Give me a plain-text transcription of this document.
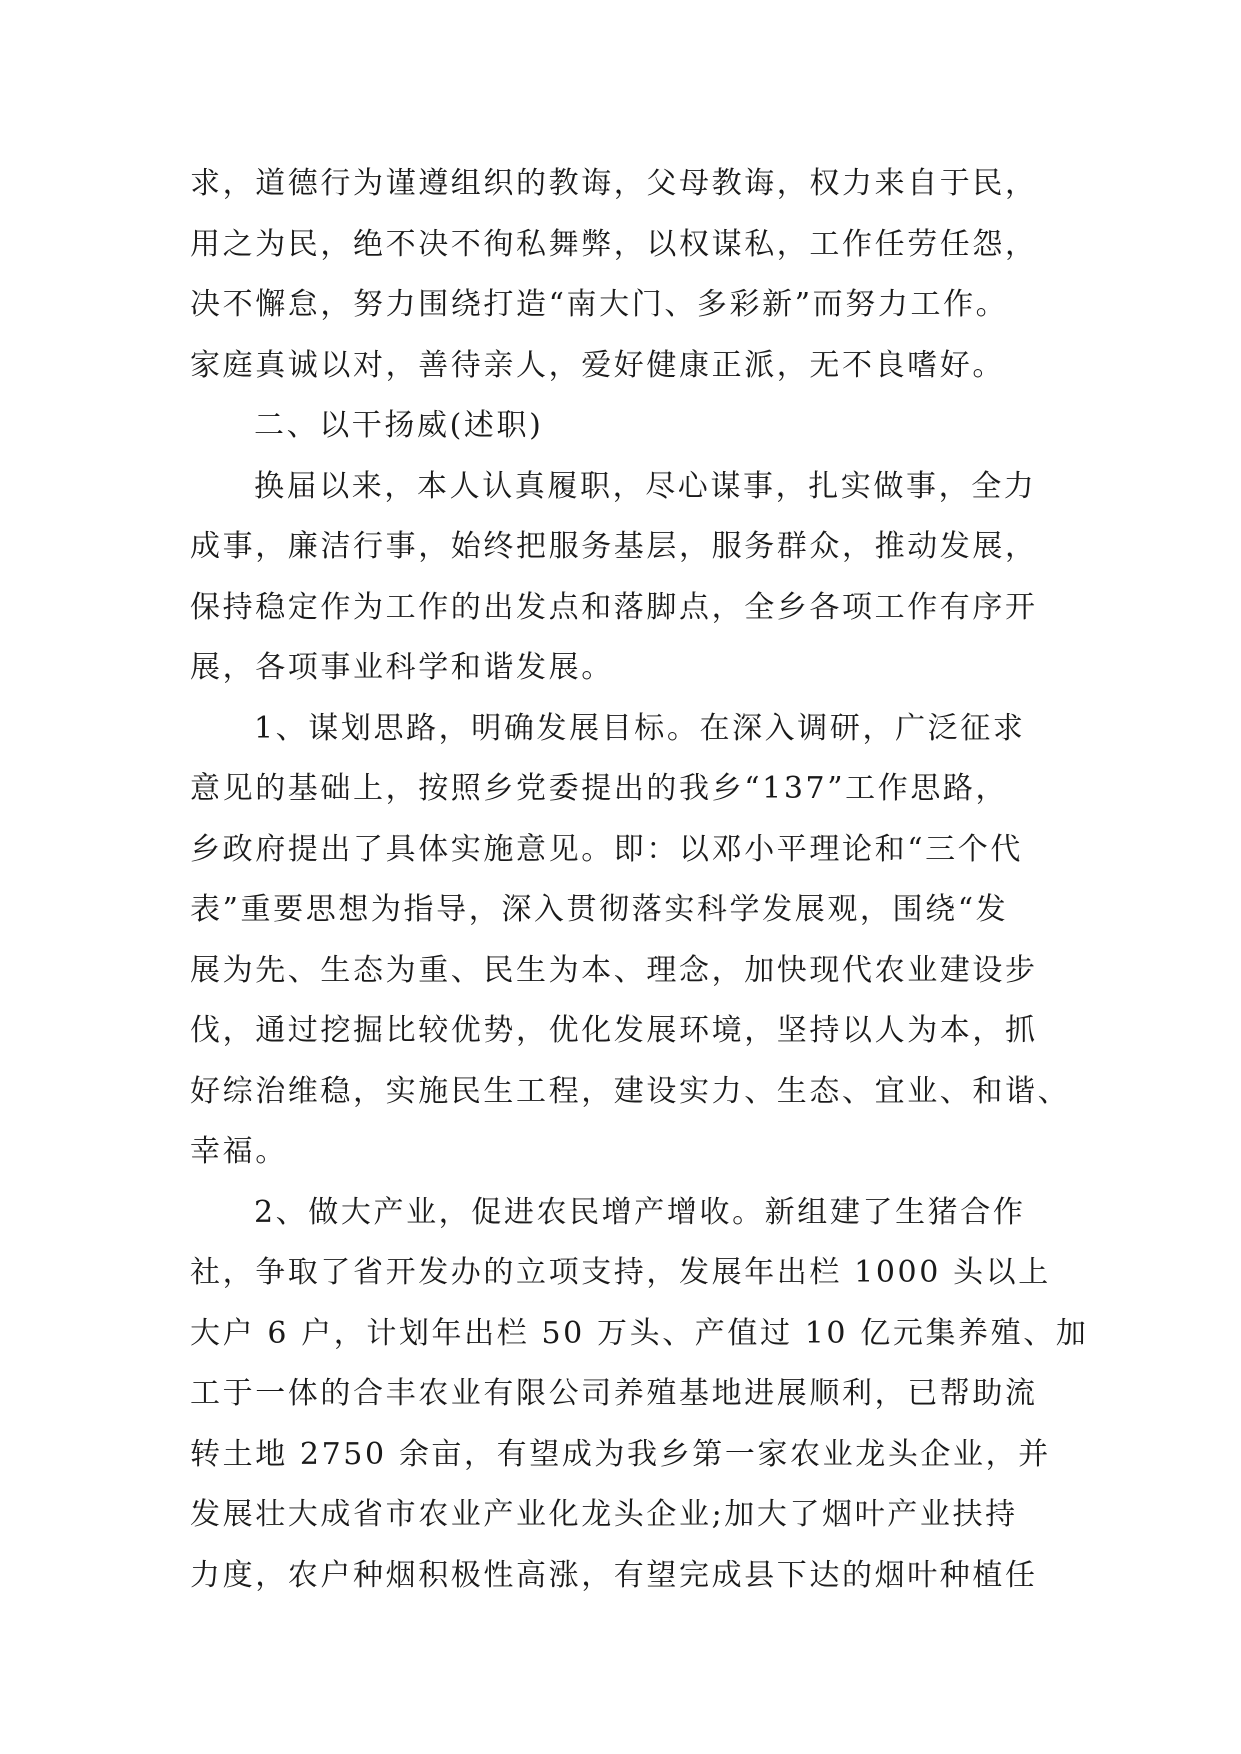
求，道德行为谨遵组织的教诲，父母教诲，权力来自于民，
用之为民，绝不决不徇私舞弊，以权谋私，工作任劳任怨，
决不懈怠，努力围绕打造“南大门、多彩新”而努力工作。
家庭真诚以对，善待亲人，爱好健康正派，无不良嗜好。

二、以干扬威(述职)

换届以来，本人认真履职，尽心谋事，扎实做事，全力
成事，廉洁行事，始终把服务基层，服务群众，推动发展，
保持稳定作为工作的出发点和落脚点，全乡各项工作有序开
展，各项事业科学和谐发展。

1、谋划思路，明确发展目标。在深入调研，广泛征求
意见的基础上，按照乡党委提出的我乡“137”工作思路，
乡政府提出了具体实施意见。即：以邓小平理论和“三个代
表”重要思想为指导，深入贯彻落实科学发展观，围绕“发
展为先、生态为重、民生为本、理念，加快现代农业建设步
伐，通过挖掘比较优势，优化发展环境，坚持以人为本，抓
好综治维稳，实施民生工程，建设实力、生态、宜业、和谐、
幸福。

2、做大产业，促进农民增产增收。新组建了生猪合作
社，争取了省开发办的立项支持，发展年出栏 1000 头以上
大户 6 户，计划年出栏 50 万头、产值过 10 亿元集养殖、加
工于一体的合丰农业有限公司养殖基地进展顺利，已帮助流
转土地 2750 余亩，有望成为我乡第一家农业龙头企业，并
发展壮大成省市农业产业化龙头企业;加大了烟叶产业扶持
力度，农户种烟积极性高涨，有望完成县下达的烟叶种植任
